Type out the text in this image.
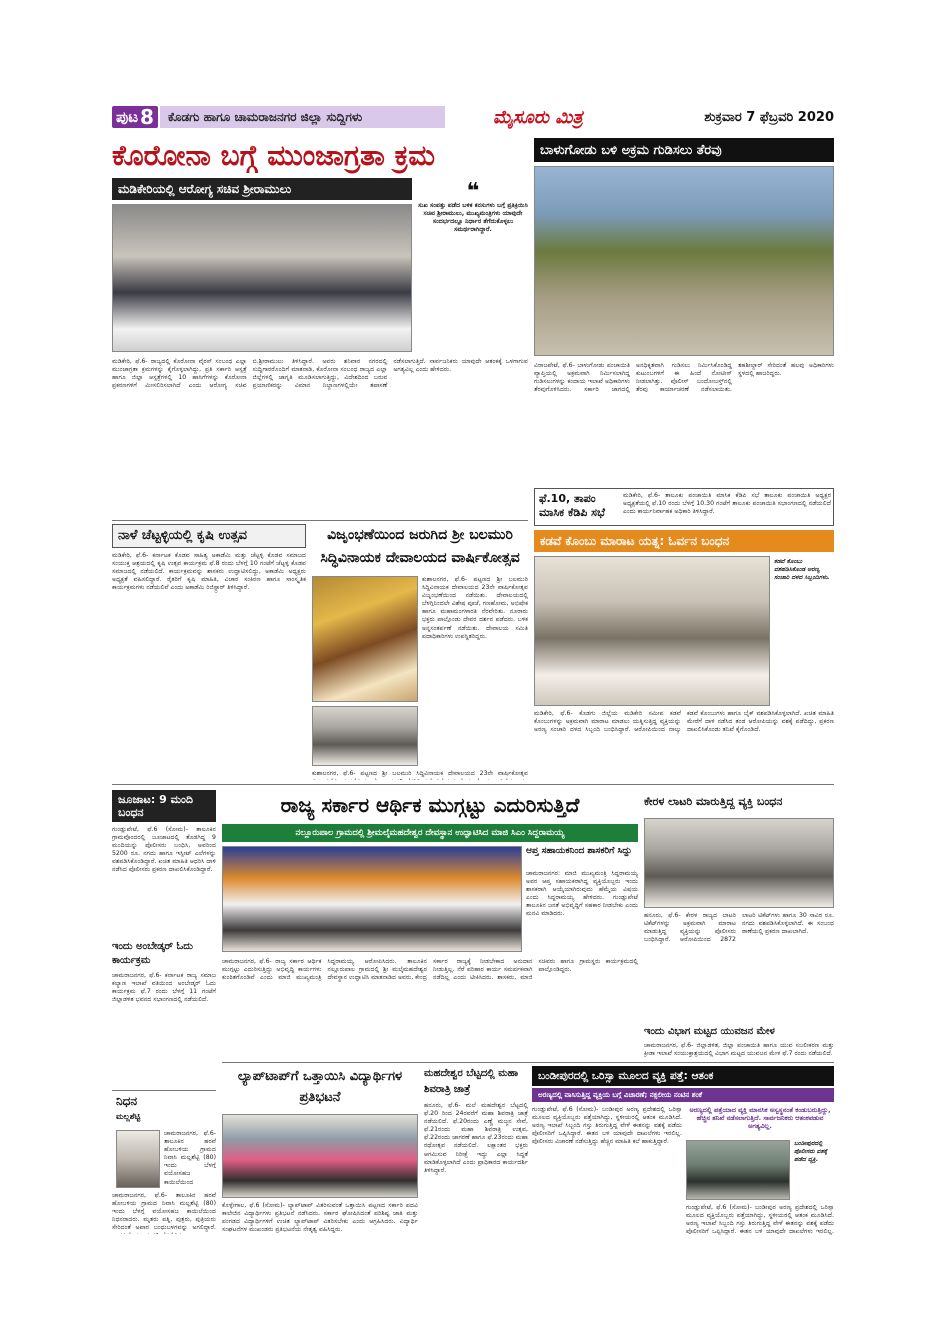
ಪುಟ 8	ಕೊಡಗು ಹಾಗೂ ಚಾಮರಾಜನಗರ ಜಿಲ್ಲಾ ಸುದ್ದಿಗಳು	ಮೈಸೂರು ಮಿತ್ರ	ಶುಕ್ರವಾರ 7 ಫೆಬ್ರವರಿ 2020
ಕೊರೋನಾ ಬಗ್ಗೆ ಮುಂಜಾಗ್ರತಾ ಕ್ರಮ
ಮಡಿಕೇರಿಯಲ್ಲಿ ಆರೋಗ್ಯ ಸಚಿವ ಶ್ರೀರಾಮುಲು	❝
ಸುಖ ಸಂಪತ್ತು ಪಡೆದ ಬಳಿಕ ಕನಸುಗಳು ಬಗ್ಗೆ ಪ್ರತಿಕ್ರಿಯಿಸಿ ಸಚಿವ ಶ್ರೀರಾಮುಲು, ಮುಖ್ಯಮಂತ್ರಿಗಳು ಯಾವುದೇ ಸಂದರ್ಭದಲ್ಲೂ ನಿರ್ಧಾರ ತೆಗೆದುಕೊಳ್ಳಲು ಸಮರ್ಥರಾಗಿದ್ದಾರೆ.
ಮಡಿಕೇರಿ, ಫೆ.6- ರಾಜ್ಯದಲ್ಲಿ ಕೊರೋನಾ ವೈರಸ್ ಸಂಬಂಧ ಎಲ್ಲಾ ಮುಂಜಾಗ್ರತಾ ಕ್ರಮಗಳನ್ನು ಕೈಗೊಳ್ಳಲಾಗಿದ್ದು, ಪ್ರತಿ ಸರ್ಕಾರಿ ಆಸ್ಪತ್ರೆ ಹಾಗೂ ಜಿಲ್ಲಾ ಆಸ್ಪತ್ರೆಗಳಲ್ಲಿ 10 ಹಾಸಿಗೆಗಳನ್ನು ಕೊರೋನಾ ಪ್ರಕರಣಗಳಿಗೆ ಮೀಸಲಿರಿಸಲಾಗಿದೆ ಎಂದು ಆರೋಗ್ಯ ಸಚಿವ ಬಿ.ಶ್ರೀರಾಮುಲು ತಿಳಿಸಿದ್ದಾರೆ. ಅವರು ಶನಿವಾರ ನಗರದಲ್ಲಿ ಸುದ್ದಿಗಾರರೊಂದಿಗೆ ಮಾತನಾಡಿ, ಕೊರೋನಾ ಸಂಬಂಧ ರಾಜ್ಯದ ಎಲ್ಲಾ ಜಿಲ್ಲೆಗಳಲ್ಲಿ ಜಾಗೃತಿ ಮೂಡಿಸಲಾಗುತ್ತಿದ್ದು, ವಿದೇಶದಿಂದ ಬರುವ ಪ್ರಯಾಣಿಕರನ್ನು ವಿಮಾನ ನಿಲ್ದಾಣಗಳಲ್ಲಿಯೇ ತಪಾಸಣೆ ನಡೆಸಲಾಗುತ್ತಿದೆ. ಸಾರ್ವಜನಿಕರು ಯಾವುದೇ ಆತಂಕಕ್ಕೆ ಒಳಗಾಗುವ ಅಗತ್ಯವಿಲ್ಲ ಎಂದು ಹೇಳಿದರು.
ಬಾಳುಗೋಡು ಬಳಿ ಅಕ್ರಮ ಗುಡಿಸಲು ತೆರವು
ವಿರಾಜಪೇಟೆ, ಫೆ.6- ಬಾಳುಗೋಡು ಪಂಚಾಯಿತಿ ವ್ಯಾಪ್ತಿಯಲ್ಲಿ ಅಕ್ರಮವಾಗಿ ನಿರ್ಮಿಸಲಾಗಿದ್ದ ಗುಡಿಸಲುಗಳನ್ನು ಕಂದಾಯ ಇಲಾಖೆ ಅಧಿಕಾರಿಗಳು ತೆರವುಗೊಳಿಸಿದರು. ಸರ್ಕಾರಿ ಜಾಗದಲ್ಲಿ ಅನಧಿಕೃತವಾಗಿ ಗುಡಿಸಲು ನಿರ್ಮಿಸಿಕೊಂಡಿದ್ದ ಕುಟುಂಬಗಳಿಗೆ ಈ ಹಿಂದೆ ನೋಟೀಸ್ ನೀಡಲಾಗಿತ್ತು. ಪೊಲೀಸ್ ಬಂದೋಬಸ್ತ್‌ನಲ್ಲಿ ತೆರವು ಕಾರ್ಯಾಚರಣೆ ನಡೆಸಲಾಯಿತು. ತಹಶೀಲ್ದಾರ್ ಸೇರಿದಂತೆ ಹಲವು ಅಧಿಕಾರಿಗಳು ಸ್ಥಳದಲ್ಲಿ ಹಾಜರಿದ್ದರು.
ಫೆ.10, ತಾಪಂ ಮಾಸಿಕ ಕೆಡಿಪಿ ಸಭೆ
ಮಡಿಕೇರಿ, ಫೆ.6- ತಾಲೂಕು ಪಂಚಾಯಿತಿ ಮಾಸಿಕ ಕೆಡಿಪಿ ಸಭೆ ತಾಲೂಕು ಪಂಚಾಯಿತಿ ಅಧ್ಯಕ್ಷರ ಅಧ್ಯಕ್ಷತೆಯಲ್ಲಿ ಫೆ.10 ರಂದು ಬೆಳಗ್ಗೆ 10.30 ಗಂಟೆಗೆ ತಾಲೂಕು ಪಂಚಾಯಿತಿ ಸಭಾಂಗಣದಲ್ಲಿ ನಡೆಯಲಿದೆ ಎಂದು ಕಾರ್ಯನಿರ್ವಾಹಕ ಅಧಿಕಾರಿ ತಿಳಿಸಿದ್ದಾರೆ.
ನಾಳೆ ಚೆಟ್ಟಳ್ಳಿಯಲ್ಲಿ ಕೃಷಿ ಉತ್ಸವ
ಮಡಿಕೇರಿ, ಫೆ.6- ಕರ್ನಾಟಕ ಕೊಡವ ಸಾಹಿತ್ಯ ಅಕಾಡೆಮಿ ಮತ್ತು ಚೆಟ್ಟಳ್ಳಿ ಕೊಡವ ಸಮಾಜದ ಸಂಯುಕ್ತ ಆಶ್ರಯದಲ್ಲಿ ಕೃಷಿ ಉತ್ಸವ ಕಾರ್ಯಕ್ರಮ ಫೆ.8 ರಂದು ಬೆಳಗ್ಗೆ 10 ಗಂಟೆಗೆ ಚೆಟ್ಟಳ್ಳಿ ಕೊಡವ ಸಮಾಜದಲ್ಲಿ ನಡೆಯಲಿದೆ. ಕಾರ್ಯಕ್ರಮವನ್ನು ಶಾಸಕರು ಉದ್ಘಾಟಿಸಲಿದ್ದು, ಅಕಾಡೆಮಿ ಅಧ್ಯಕ್ಷರು ಅಧ್ಯಕ್ಷತೆ ವಹಿಸಲಿದ್ದಾರೆ. ರೈತರಿಗೆ ಕೃಷಿ ಮಾಹಿತಿ, ವಿಚಾರ ಸಂಕಿರಣ ಹಾಗೂ ಸಾಂಸ್ಕೃತಿಕ ಕಾರ್ಯಕ್ರಮಗಳು ನಡೆಯಲಿವೆ ಎಂದು ಅಕಾಡೆಮಿ ರಿಜಿಸ್ಟ್ರಾರ್ ತಿಳಿಸಿದ್ದಾರೆ.
ವಿಜೃಂಭಣೆಯಿಂದ ಜರುಗಿದ ಶ್ರೀ ಬಲಮುರಿ ಸಿದ್ಧಿವಿನಾಯಕ ದೇವಾಲಯದ ವಾರ್ಷಿಕೋತ್ಸವ
ಕುಶಾಲನಗರ, ಫೆ.6- ಪಟ್ಟಣದ ಶ್ರೀ ಬಲಮುರಿ ಸಿದ್ಧಿವಿನಾಯಕ ದೇವಾಲಯದ 23ನೇ ವಾರ್ಷಿಕೋತ್ಸವ ವಿಜೃಂಭಣೆಯಿಂದ ನಡೆಯಿತು. ದೇವಾಲಯದಲ್ಲಿ ಬೆಳಗ್ಗಿನಿಂದಲೇ ವಿಶೇಷ ಪೂಜೆ, ಗಣಹೋಮ, ಅಭಿಷೇಕ ಹಾಗೂ ಮಹಾಮಂಗಳಾರತಿ ನೆರವೇರಿತು. ನೂರಾರು ಭಕ್ತರು ಪಾಲ್ಗೊಂಡು ದೇವರ ದರ್ಶನ ಪಡೆದರು. ಬಳಿಕ ಅನ್ನಸಂತರ್ಪಣೆ ನಡೆಯಿತು. ದೇವಾಲಯ ಸಮಿತಿ ಪದಾಧಿಕಾರಿಗಳು ಉಪಸ್ಥಿತರಿದ್ದರು.
ಕುಶಾಲನಗರ, ಫೆ.6- ಪಟ್ಟಣದ ಶ್ರೀ ಬಲಮುರಿ ಸಿದ್ಧಿವಿನಾಯಕ ದೇವಾಲಯದ 23ನೇ ವಾರ್ಷಿಕೋತ್ಸವ
ಕಡವೆ ಕೊಂಬು ಮಾರಾಟ ಯತ್ನ: ಓರ್ವನ ಬಂಧನ
ಕಡವೆ ಕೊಂಬು ವಶಪಡಿಸಿಕೊಂಡ ಅರಣ್ಯ ಸಂಚಾರಿ ದಳದ ಸಿಬ್ಬಂದಿಗಳು.
ಮಡಿಕೇರಿ, ಫೆ.6- ಕೊಡಗು ಜಿಲ್ಲೆಯ ಮಡಿಕೇರಿ ಸಮೀಪ ಕಡವೆ ಕೊಂಬುಗಳನ್ನು ಅಕ್ರಮವಾಗಿ ಮಾರಾಟ ಮಾಡಲು ಯತ್ನಿಸುತ್ತಿದ್ದ ವ್ಯಕ್ತಿಯನ್ನು ಅರಣ್ಯ ಸಂಚಾರಿ ದಳದ ಸಿಬ್ಬಂದಿ ಬಂಧಿಸಿದ್ದಾರೆ. ಆರೋಪಿಯಿಂದ ನಾಲ್ಕು ಕಡವೆ ಕೊಂಬುಗಳು ಹಾಗೂ ಬೈಕ್ ವಶಪಡಿಸಿಕೊಳ್ಳಲಾಗಿದೆ. ಖಚಿತ ಮಾಹಿತಿ ಮೇರೆಗೆ ದಾಳಿ ನಡೆಸಿದ ತಂಡ ಆರೋಪಿಯನ್ನು ವಶಕ್ಕೆ ಪಡೆದಿದ್ದು, ಪ್ರಕರಣ ದಾಖಲಿಸಿಕೊಂಡು ತನಿಖೆ ಕೈಗೊಂಡಿದೆ.
ಜೂಜಾಟ: 9 ಮಂದಿ ಬಂಧನ
ಗುಂಡ್ಲುಪೇಟೆ, ಫೆ.6 (ಸೋಮ)- ತಾಲೂಕಿನ ಗ್ರಾಮವೊಂದರಲ್ಲಿ ಜೂಜಾಟದಲ್ಲಿ ತೊಡಗಿದ್ದ 9 ಮಂದಿಯನ್ನು ಪೊಲೀಸರು ಬಂಧಿಸಿ, ಅವರಿಂದ 5200 ರೂ. ನಗದು ಹಾಗೂ ಇಸ್ಪೀಟ್ ಎಲೆಗಳನ್ನು ವಶಪಡಿಸಿಕೊಂಡಿದ್ದಾರೆ. ಖಚಿತ ಮಾಹಿತಿ ಆಧರಿಸಿ ದಾಳಿ ನಡೆಸಿದ ಪೊಲೀಸರು ಪ್ರಕರಣ ದಾಖಲಿಸಿಕೊಂಡಿದ್ದಾರೆ.
ಇಂದು ಅಂಬೇಡ್ಕರ್ ಓದು ಕಾರ್ಯಕ್ರಮ
ಚಾಮರಾಜನಗರ, ಫೆ.6- ಕರ್ನಾಟಕ ರಾಜ್ಯ ಸಮಾಜ ಕಲ್ಯಾಣ ಇಲಾಖೆ ವತಿಯಿಂದ ಅಂಬೇಡ್ಕರ್ ಓದು ಕಾರ್ಯಕ್ರಮ ಫೆ.7 ರಂದು ಬೆಳಗ್ಗೆ 11 ಗಂಟೆಗೆ ಜಿಲ್ಲಾಡಳಿತ ಭವನದ ಸಭಾಂಗಣದಲ್ಲಿ ನಡೆಯಲಿದೆ.
ನಿಧನ
ಮಲ್ಲಶೆಟ್ಟಿ
ಚಾಮರಾಜನಗರ, ಫೆ.6- ತಾಲೂಕಿನ ಹರವೆ ಹೋಬಳಿಯ ಗ್ರಾಮದ ನಿವಾಸಿ ಮಲ್ಲಶೆಟ್ಟಿ (80) ಇಂದು ಬೆಳಗ್ಗೆ ವಯೋಸಹಜ ಕಾಯಿಲೆಯಿಂದ
ಚಾಮರಾಜನಗರ, ಫೆ.6- ತಾಲೂಕಿನ ಹರವೆ ಹೋಬಳಿಯ ಗ್ರಾಮದ ನಿವಾಸಿ ಮಲ್ಲಶೆಟ್ಟಿ (80) ಇಂದು ಬೆಳಗ್ಗೆ ವಯೋಸಹಜ ಕಾಯಿಲೆಯಿಂದ ನಿಧನರಾದರು. ಮೃತರು ಪತ್ನಿ, ಪುತ್ರರು, ಪುತ್ರಿಯರು ಸೇರಿದಂತೆ ಅಪಾರ ಬಂಧುಬಳಗವನ್ನು ಅಗಲಿದ್ದಾರೆ.
ರಾಜ್ಯ ಸರ್ಕಾರ ಆರ್ಥಿಕ ಮುಗ್ಗಟ್ಟು ಎದುರಿಸುತ್ತಿದೆ
ನಲ್ಲೂರುಪಾಲ ಗ್ರಾಮದಲ್ಲಿ ಶ್ರೀಮಲೈಮಹದೇಶ್ವರ ದೇವಸ್ಥಾನ ಉದ್ಘಾಟಿಸಿದ ಮಾಜಿ ಸಿಎಂ ಸಿದ್ದರಾಮಯ್ಯ
ಆಪ್ತ ಸಹಾಯಕನಿಂದ ಶಾಸಕರಿಗೆ ಸಿದ್ದು
ಚಾಮರಾಜನಗರ: ಮಾಜಿ ಮುಖ್ಯಮಂತ್ರಿ ಸಿದ್ದರಾಮಯ್ಯ ಅವರ ಆಪ್ತ ಸಹಾಯಕರಾಗಿದ್ದ ವ್ಯಕ್ತಿಯೊಬ್ಬರು ಇಂದು ಶಾಸಕರಾಗಿ ಆಯ್ಕೆಯಾಗಿರುವುದು ಹೆಮ್ಮೆಯ ವಿಷಯ ಎಂದು ಸಿದ್ದರಾಮಯ್ಯ ಹೇಳಿದರು. ಗುಂಡ್ಲುಪೇಟೆ ತಾಲೂಕಿನ ಜನತೆ ಅಭಿವೃದ್ಧಿಗೆ ಸಹಕಾರ ನೀಡಬೇಕು ಎಂದು ಮನವಿ ಮಾಡಿದರು.
ಚಾಮರಾಜನಗರ, ಫೆ.6- ರಾಜ್ಯ ಸರ್ಕಾರ ಆರ್ಥಿಕ ಮುಗ್ಗಟ್ಟು ಎದುರಿಸುತ್ತಿದ್ದು ಅಭಿವೃದ್ಧಿ ಕಾರ್ಯಗಳು ಕುಂಠಿತಗೊಂಡಿವೆ ಎಂದು ಮಾಜಿ ಮುಖ್ಯಮಂತ್ರಿ ಸಿದ್ದರಾಮಯ್ಯ ಆರೋಪಿಸಿದರು. ತಾಲೂಕಿನ ನಲ್ಲೂರುಪಾಲ ಗ್ರಾಮದಲ್ಲಿ ಶ್ರೀ ಮಲೈಮಹದೇಶ್ವರ ದೇವಸ್ಥಾನ ಉದ್ಘಾಟಿಸಿ ಮಾತನಾಡಿದ ಅವರು, ಕೇಂದ್ರ ಸರ್ಕಾರ ರಾಜ್ಯಕ್ಕೆ ನೀಡಬೇಕಾದ ಅನುದಾನ ನೀಡುತ್ತಿಲ್ಲ. ನೆರೆ ಪರಿಹಾರ ಕಾರ್ಯ ಸಮರ್ಪಕವಾಗಿ ನಡೆದಿಲ್ಲ ಎಂದು ಟೀಕಿಸಿದರು. ಶಾಸಕರು, ಮಾಜಿ ಸಚಿವರು ಹಾಗೂ ಗ್ರಾಮಸ್ಥರು ಕಾರ್ಯಕ್ರಮದಲ್ಲಿ ಪಾಲ್ಗೊಂಡಿದ್ದರು.
ಕೇರಳ ಲಾಟರಿ ಮಾರುತ್ತಿದ್ದ ವ್ಯಕ್ತಿ ಬಂಧನ
ಹನೂರು, ಫೆ.6- ಕೇರಳ ರಾಜ್ಯದ ಲಾಟರಿ ಟಿಕೆಟ್‌ಗಳನ್ನು ಅಕ್ರಮವಾಗಿ ಮಾರಾಟ ಮಾಡುತ್ತಿದ್ದ ವ್ಯಕ್ತಿಯನ್ನು ಪೊಲೀಸರು ಬಂಧಿಸಿದ್ದಾರೆ. ಆರೋಪಿಯಿಂದ 2872 ಲಾಟರಿ ಟಿಕೆಟ್‌ಗಳು ಹಾಗೂ 30 ಸಾವಿರ ರೂ. ನಗದು ವಶಪಡಿಸಿಕೊಳ್ಳಲಾಗಿದೆ. ಈ ಸಂಬಂಧ ಠಾಣೆಯಲ್ಲಿ ಪ್ರಕರಣ ದಾಖಲಾಗಿದೆ.
ಇಂದು ವಿಭಾಗ ಮಟ್ಟದ ಯುವಜನ ಮೇಳ
ಚಾಮರಾಜನಗರ, ಫೆ.6- ಜಿಲ್ಲಾಡಳಿತ, ಜಿಲ್ಲಾ ಪಂಚಾಯಿತಿ ಹಾಗೂ ಯುವ ಸಬಲೀಕರಣ ಮತ್ತು ಕ್ರೀಡಾ ಇಲಾಖೆ ಸಂಯುಕ್ತಾಶ್ರಯದಲ್ಲಿ ವಿಭಾಗ ಮಟ್ಟದ ಯುವಜನ ಮೇಳ ಫೆ.7 ರಂದು ನಡೆಯಲಿದೆ.
ಲ್ಯಾಪ್‌ಟಾಪ್‌ಗೆ ಒತ್ತಾಯಿಸಿ ವಿದ್ಯಾರ್ಥಿಗಳ ಪ್ರತಿಭಟನೆ
ಕೊಳ್ಳೇಗಾಲ, ಫೆ.6 (ಸೋಮ)- ಲ್ಯಾಪ್‌ಟಾಪ್ ವಿತರಿಸುವಂತೆ ಒತ್ತಾಯಿಸಿ ಪಟ್ಟಣದ ಸರ್ಕಾರಿ ಪದವಿ ಕಾಲೇಜಿನ ವಿದ್ಯಾರ್ಥಿಗಳು ಪ್ರತಿಭಟನೆ ನಡೆಸಿದರು. ಸರ್ಕಾರ ಘೋಷಿಸಿದಂತೆ ಪರಿಶಿಷ್ಟ ಜಾತಿ ಮತ್ತು ಪಂಗಡದ ವಿದ್ಯಾರ್ಥಿಗಳಿಗೆ ಉಚಿತ ಲ್ಯಾಪ್‌ಟಾಪ್ ವಿತರಿಸಬೇಕು ಎಂದು ಆಗ್ರಹಿಸಿದರು. ವಿದ್ಯಾರ್ಥಿ ಸಂಘಟನೆಗಳ ಮುಖಂಡರು ಪ್ರತಿಭಟನೆಯ ನೇತೃತ್ವ ವಹಿಸಿದ್ದರು.
ಮಹದೇಶ್ವರ ಬೆಟ್ಟದಲ್ಲಿ ಮಹಾ ಶಿವರಾತ್ರಿ ಜಾತ್ರೆ
ಹನೂರು, ಫೆ.6- ಮಲೆ ಮಹದೇಶ್ವರ ಬೆಟ್ಟದಲ್ಲಿ ಫೆ.20 ರಿಂದ 24ರವರೆಗೆ ಮಹಾ ಶಿವರಾತ್ರಿ ಜಾತ್ರೆ ನಡೆಯಲಿದೆ. ಫೆ.20ರಂದು ಎಣ್ಣೆ ಮಜ್ಜನ ಸೇವೆ, ಫೆ.21ರಂದು ಮಹಾ ಶಿವರಾತ್ರಿ ಉತ್ಸವ, ಫೆ.22ರಂದು ಜಾಗರಣೆ ಹಾಗೂ ಫೆ.23ರಂದು ಮಹಾ ರಥೋತ್ಸವ ನಡೆಯಲಿದೆ. ಲಕ್ಷಾಂತರ ಭಕ್ತರು ಆಗಮಿಸುವ ನಿರೀಕ್ಷೆ ಇದ್ದು ಎಲ್ಲಾ ಸಿದ್ಧತೆ ಮಾಡಿಕೊಳ್ಳಲಾಗಿದೆ ಎಂದು ಪ್ರಾಧಿಕಾರದ ಕಾರ್ಯದರ್ಶಿ ತಿಳಿಸಿದ್ದಾರೆ.
ಬಂಡೀಪುರದಲ್ಲಿ ಒರಿಸ್ಸಾ ಮೂಲದ ವ್ಯಕ್ತಿ ಪತ್ತೆ: ಆತಂಕ
ಅರಣ್ಯದಲ್ಲಿ ವಾಸಿಸುತ್ತಿದ್ದ ವ್ಯಕ್ತಿಯ ಬಗ್ಗೆ ವಿಚಾರಣೆ; ನಕ್ಸಲೀಯ ನಂಟಿನ ಶಂಕೆ
ಗುಂಡ್ಲುಪೇಟೆ, ಫೆ.6 (ಸೋಮ)- ಬಂಡೀಪುರ ಅರಣ್ಯ ಪ್ರದೇಶದಲ್ಲಿ ಒರಿಸ್ಸಾ ಮೂಲದ ವ್ಯಕ್ತಿಯೊಬ್ಬರು ಪತ್ತೆಯಾಗಿದ್ದು, ಸ್ಥಳೀಯರಲ್ಲಿ ಆತಂಕ ಮೂಡಿಸಿದೆ. ಅರಣ್ಯ ಇಲಾಖೆ ಸಿಬ್ಬಂದಿ ಗಸ್ತು ತಿರುಗುತ್ತಿದ್ದ ವೇಳೆ ಈತನನ್ನು ವಶಕ್ಕೆ ಪಡೆದು ಪೊಲೀಸರಿಗೆ ಒಪ್ಪಿಸಿದ್ದಾರೆ. ಈತನ ಬಳಿ ಯಾವುದೇ ದಾಖಲೆಗಳು ಇರಲಿಲ್ಲ. ಪೊಲೀಸರು ವಿಚಾರಣೆ ನಡೆಸುತ್ತಿದ್ದು ಹೆಚ್ಚಿನ ಮಾಹಿತಿ ಕಲೆ ಹಾಕುತ್ತಿದ್ದಾರೆ.
ಅರಣ್ಯದಲ್ಲಿ ಪತ್ತೆಯಾದ ವ್ಯಕ್ತಿ ಮಾನಸಿಕ ಅಸ್ವಸ್ಥನಂತೆ ಕಂಡುಬರುತ್ತಿದ್ದು, ಹೆಚ್ಚಿನ ತನಿಖೆ ನಡೆಸಲಾಗುತ್ತಿದೆ. ಸಾರ್ವಜನಿಕರು ಆತಂಕಪಡುವ ಅಗತ್ಯವಿಲ್ಲ.
ಬಂಡೀಪುರದಲ್ಲಿ ಪೊಲೀಸರು ವಶಕ್ಕೆ ಪಡೆದ ವ್ಯಕ್ತಿ.
ಗುಂಡ್ಲುಪೇಟೆ, ಫೆ.6 (ಸೋಮ)- ಬಂಡೀಪುರ ಅರಣ್ಯ ಪ್ರದೇಶದಲ್ಲಿ ಒರಿಸ್ಸಾ ಮೂಲದ ವ್ಯಕ್ತಿಯೊಬ್ಬರು ಪತ್ತೆಯಾಗಿದ್ದು, ಸ್ಥಳೀಯರಲ್ಲಿ ಆತಂಕ ಮೂಡಿಸಿದೆ. ಅರಣ್ಯ ಇಲಾಖೆ ಸಿಬ್ಬಂದಿ ಗಸ್ತು ತಿರುಗುತ್ತಿದ್ದ ವೇಳೆ ಈತನನ್ನು ವಶಕ್ಕೆ ಪಡೆದು ಪೊಲೀಸರಿಗೆ ಒಪ್ಪಿಸಿದ್ದಾರೆ. ಈತನ ಬಳಿ ಯಾವುದೇ ದಾಖಲೆಗಳು ಇರಲಿಲ್ಲ.
